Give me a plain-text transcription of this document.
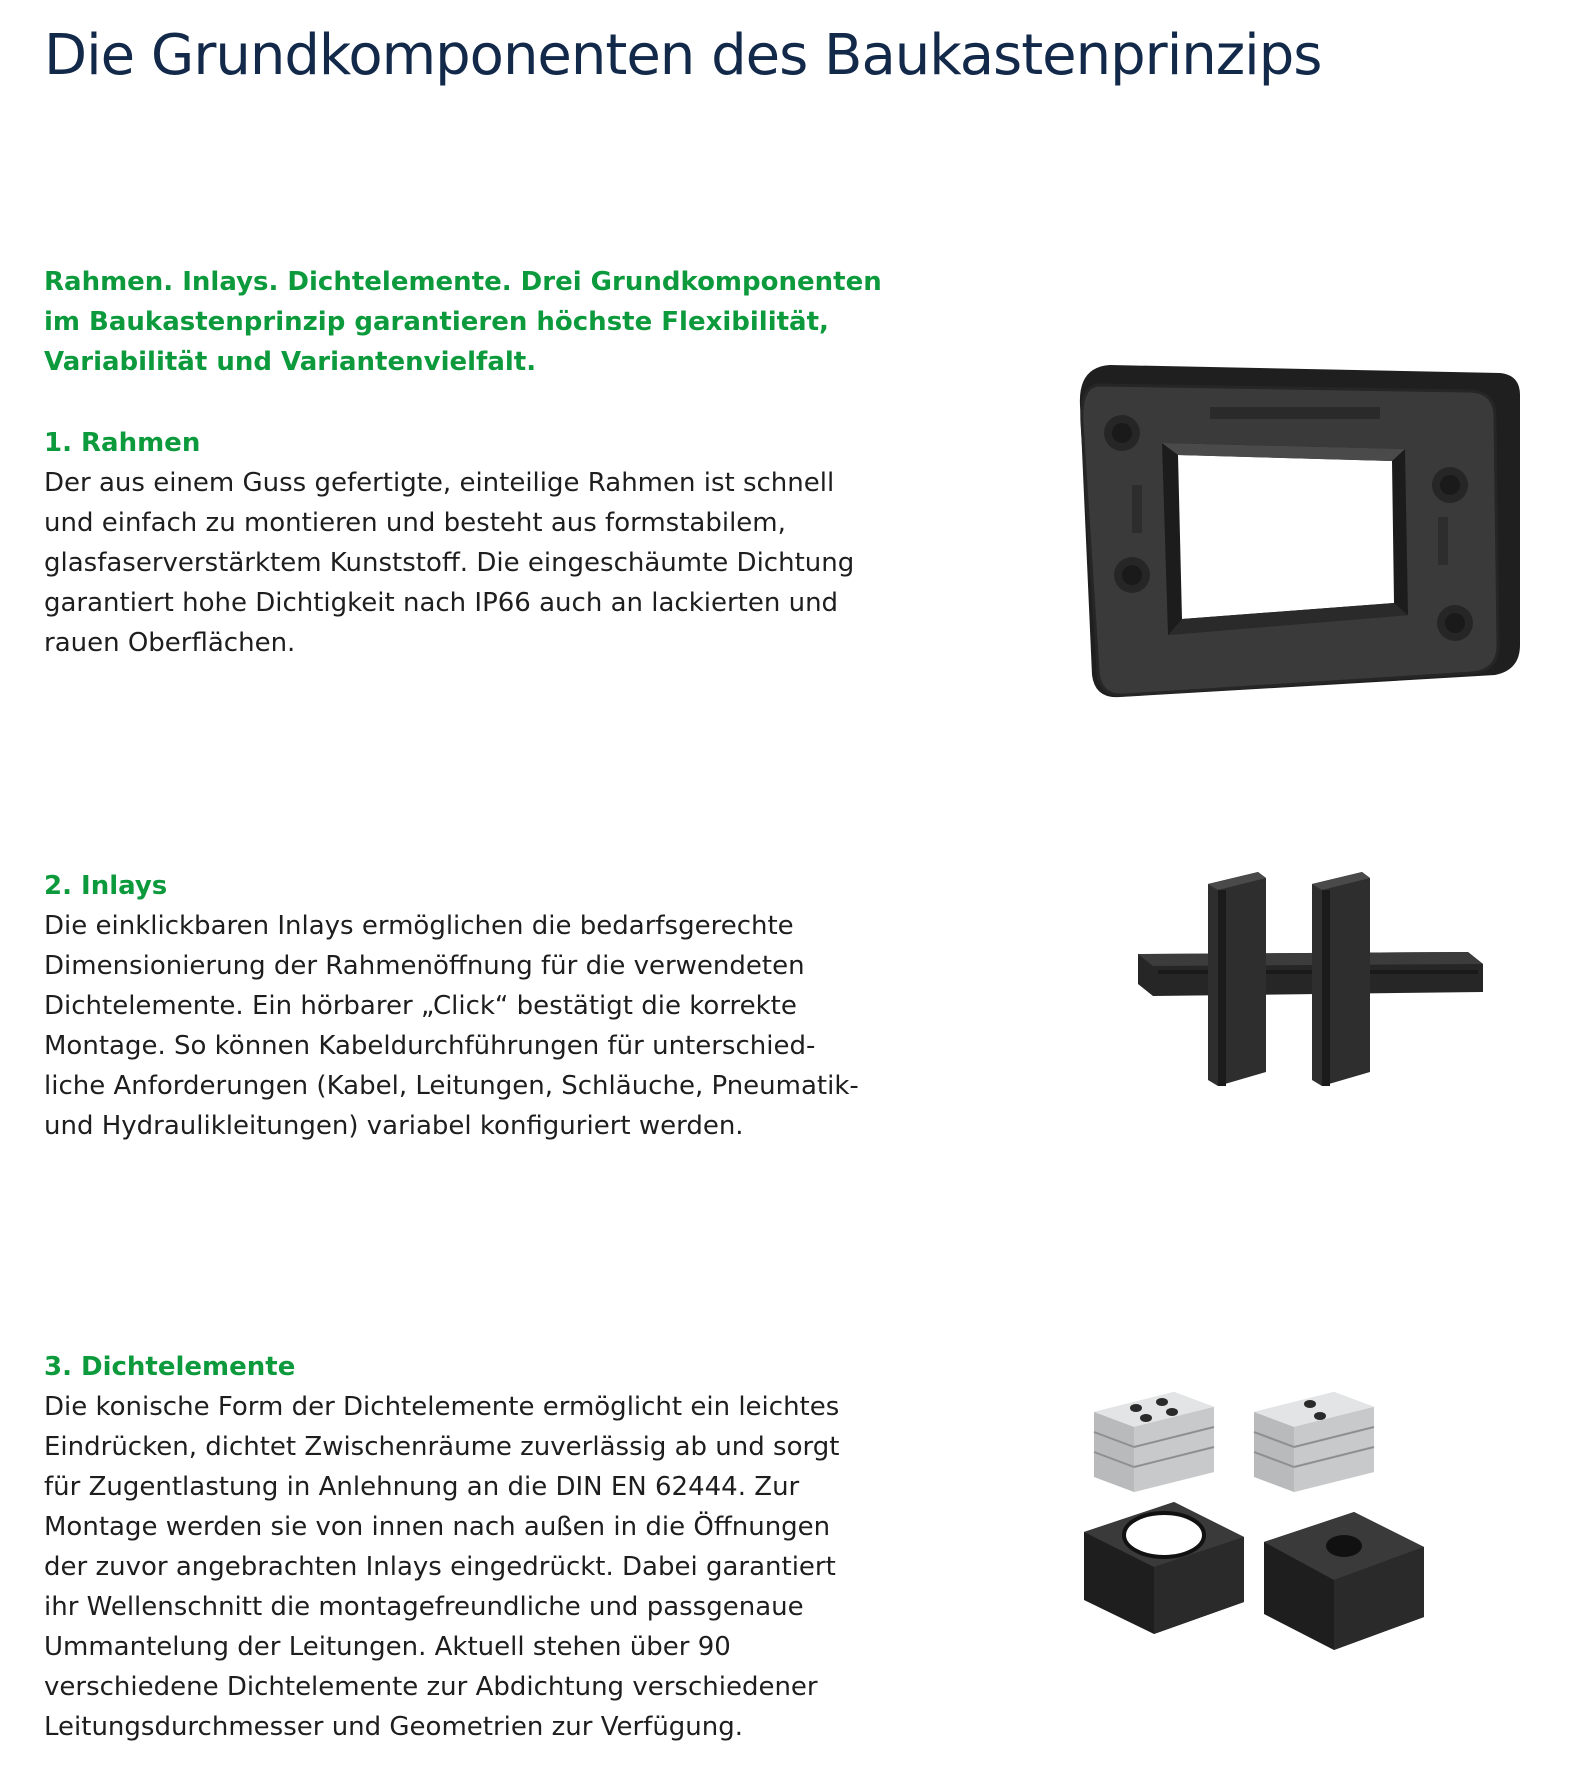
Die Grundkomponenten des Baukastenprinzips

Rahmen. Inlays. Dichtelemente. Drei Grundkomponenten
im Baukastenprinzip garantieren höchste Flexibilität,
Variabilität und Variantenvielfalt.

1. Rahmen

Der aus einem Guss gefertigte, einteilige Rahmen ist schnell
und einfach zu montieren und besteht aus formstabilem,
glasfaserverstärktem Kunststoff. Die eingeschäumte Dichtung
garantiert hohe Dichtigkeit nach IP66 auch an lackierten und
rauen Oberflächen.

2. Inlays

Die einklickbaren Inlays ermöglichen die bedarfsgerechte
Dimensionierung der Rahmenöffnung für die verwendeten
Dichtelemente. Ein hörbarer „Click“ bestätigt die korrekte
Montage. So können Kabeldurchführungen für unterschied-
liche Anforderungen (Kabel, Leitungen, Schläuche, Pneumatik-
und Hydraulikleitungen) variabel konfiguriert werden.

3. Dichtelemente

Die konische Form der Dichtelemente ermöglicht ein leichtes
Eindrücken, dichtet Zwischenräume zuverlässig ab und sorgt
für Zugentlastung in Anlehnung an die DIN EN 62444. Zur
Montage werden sie von innen nach außen in die Öffnungen
der zuvor angebrachten Inlays eingedrückt. Dabei garantiert
ihr Wellenschnitt die montagefreundliche und passgenaue
Ummantelung der Leitungen. Aktuell stehen über 90
verschiedene Dichtelemente zur Abdichtung verschiedener
Leitungsdurchmesser und Geometrien zur Verfügung.
